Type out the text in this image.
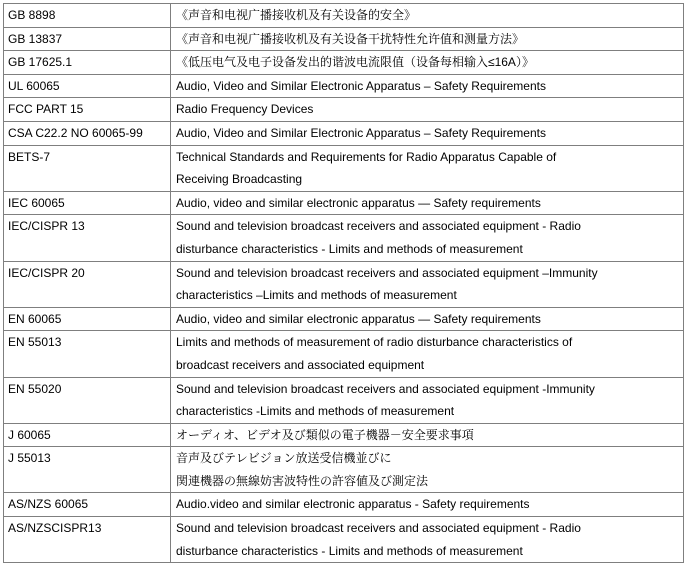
GB 8898	《声音和电视广播接收机及有关设备的安全》

GB 13837	《声音和电视广播接收机及有关设备干扰特性允许值和测量方法》

GB 17625.1	《低压电气及电子设备发出的谐波电流限值（设备每相输入≤16A）》

UL 60065	Audio, Video and Similar Electronic Apparatus – Safety Requirements

FCC PART 15	Radio Frequency Devices

CSA C22.2 NO 60065-99	Audio, Video and Similar Electronic Apparatus – Safety Requirements

BETS-7	Technical Standards and Requirements for Radio Apparatus Capable of
Receiving Broadcasting

IEC 60065	Audio, video and similar electronic apparatus — Safety requirements

IEC/CISPR 13	Sound and television broadcast receivers and associated equipment - Radio
disturbance characteristics - Limits and methods of measurement

IEC/CISPR 20	Sound and television broadcast receivers and associated equipment –Immunity
characteristics –Limits and methods of measurement

EN 60065	Audio, video and similar electronic apparatus — Safety requirements

EN 55013	Limits and methods of measurement of radio disturbance characteristics of
broadcast receivers and associated equipment

EN 55020	Sound and television broadcast receivers and associated equipment -Immunity
characteristics -Limits and methods of measurement

J 60065	オーディオ、ビデオ及び類似の電子機器－安全要求事項

J 55013	音声及びテレビジョン放送受信機並びに
関連機器の無線妨害波特性の許容値及び測定法

AS/NZS 60065	Audio.video and similar electronic apparatus - Safety requirements

AS/NZSCISPR13	Sound and television broadcast receivers and associated equipment - Radio
disturbance characteristics - Limits and methods of measurement
